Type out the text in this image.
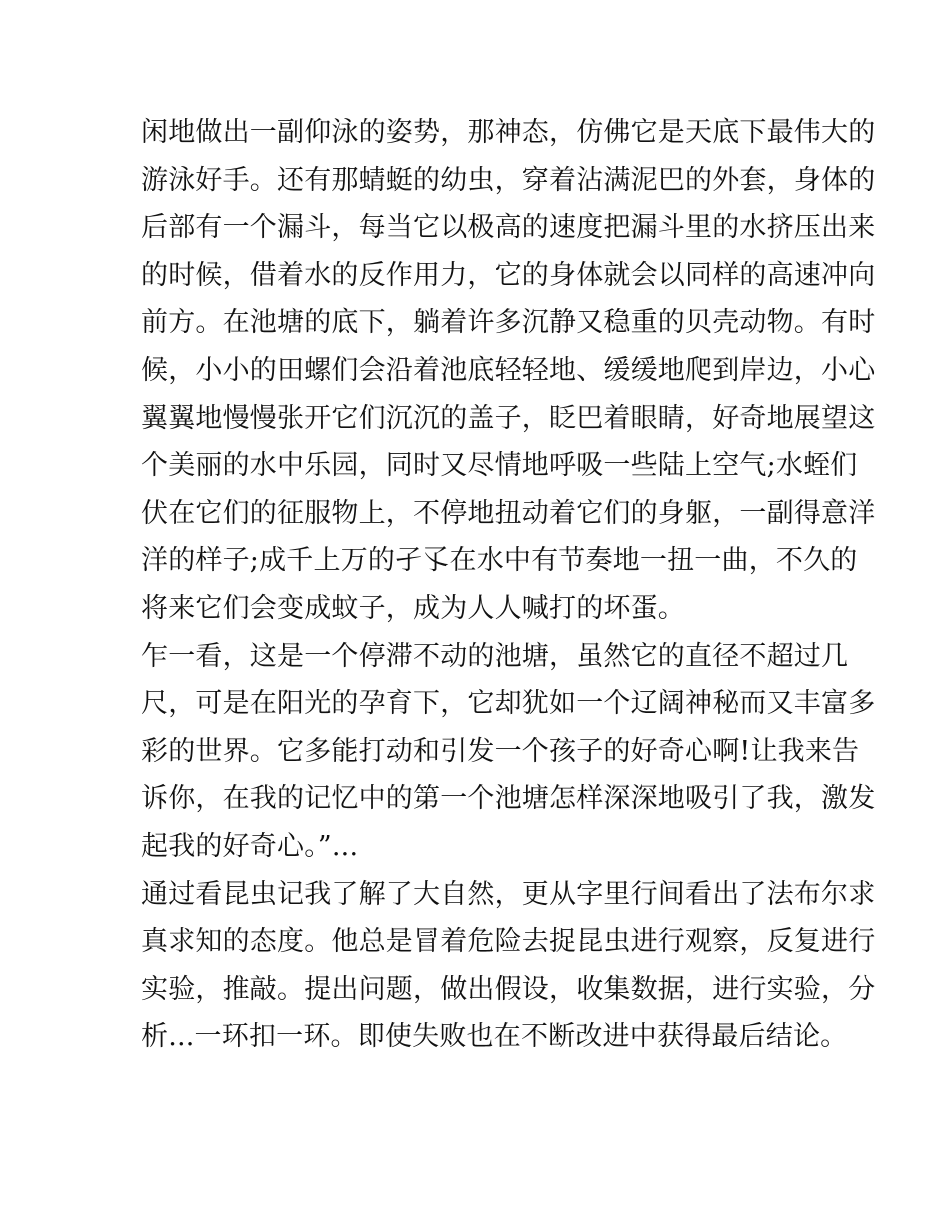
闲地做出一副仰泳的姿势，那神态，仿佛它是天底下最伟大的
游泳好手。还有那蜻蜓的幼虫，穿着沾满泥巴的外套，身体的
后部有一个漏斗，每当它以极高的速度把漏斗里的水挤压出来
的时候，借着水的反作用力，它的身体就会以同样的高速冲向
前方。在池塘的底下，躺着许多沉静又稳重的贝壳动物。有时
候，小小的田螺们会沿着池底轻轻地、缓缓地爬到岸边，小心
翼翼地慢慢张开它们沉沉的盖子，眨巴着眼睛，好奇地展望这
个美丽的水中乐园，同时又尽情地呼吸一些陆上空气;水蛭们
伏在它们的征服物上，不停地扭动着它们的身躯，一副得意洋
洋的样子;成千上万的孑孓在水中有节奏地一扭一曲，不久的
将来它们会变成蚊子，成为人人喊打的坏蛋。
乍一看，这是一个停滞不动的池塘，虽然它的直径不超过几
尺，可是在阳光的孕育下，它却犹如一个辽阔神秘而又丰富多
彩的世界。它多能打动和引发一个孩子的好奇心啊!让我来告
诉你，在我的记忆中的第一个池塘怎样深深地吸引了我，激发
起我的好奇心。”...
通过看昆虫记我了解了大自然，更从字里行间看出了法布尔求
真求知的态度。他总是冒着危险去捉昆虫进行观察，反复进行
实验，推敲。提出问题，做出假设，收集数据，进行实验，分
析...一环扣一环。即使失败也在不断改进中获得最后结论。
